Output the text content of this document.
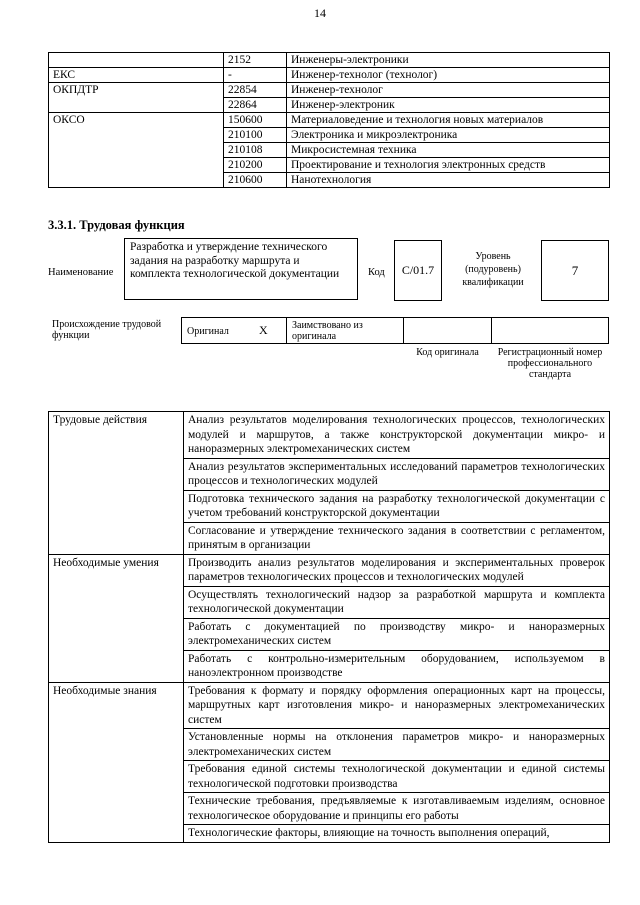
14
	2152	Инженеры-электроники
ЕКС	-	Инженер-технолог (технолог)
ОКПДТР	22854	Инженер-технолог
	22864	Инженер-электроник
ОКСО	150600	Материаловедение и технология новых материалов
	210100	Электроника и микроэлектроника
	210108	Микросистемная техника
	210200	Проектирование и технология электронных средств
	210600	Нанотехнология
3.3.1. Трудовая функция
Наименование
Разработка и утверждение технического задания на разработку маршрута и комплекта технологической документации	Код	С/01.7
Уровень (подуровень) квалификации
7
Происхождение трудовой функции	Оригинал	X	Заимствовано из оригинала
Код оригинала	Регистрационный номер профессионального стандарта
Трудовые действия	Анализ результатов моделирования технологических процессов, технологических модулей и маршрутов, а также конструкторской документации микро- и наноразмерных электромеханических систем
	Анализ результатов экспериментальных исследований параметров технологических процессов и технологических модулей
	Подготовка технического задания на разработку технологической документации с учетом требований конструкторской документации
	Согласование и утверждение технического задания в соответствии с регламентом, принятым в организации
Необходимые умения	Производить анализ результатов моделирования и экспериментальных проверок параметров технологических процессов и технологических модулей
	Осуществлять технологический надзор за разработкой маршрута и комплекта технологической документации
	Работать с документацией по производству микро- и наноразмерных электромеханических систем
	Работать с контрольно-измерительным оборудованием, используемом в наноэлектронном производстве
Необходимые знания	Требования к формату и порядку оформления операционных карт на процессы, маршрутных карт изготовления микро- и наноразмерных электромеханических систем
	Установленные нормы на отклонения параметров микро- и наноразмерных электромеханических систем
	Требования единой системы технологической документации и единой системы технологической подготовки производства
	Технические требования, предъявляемые к изготавливаемым изделиям, основное технологическое оборудование и принципы его работы
	Технологические факторы, влияющие на точность выполнения операций,
